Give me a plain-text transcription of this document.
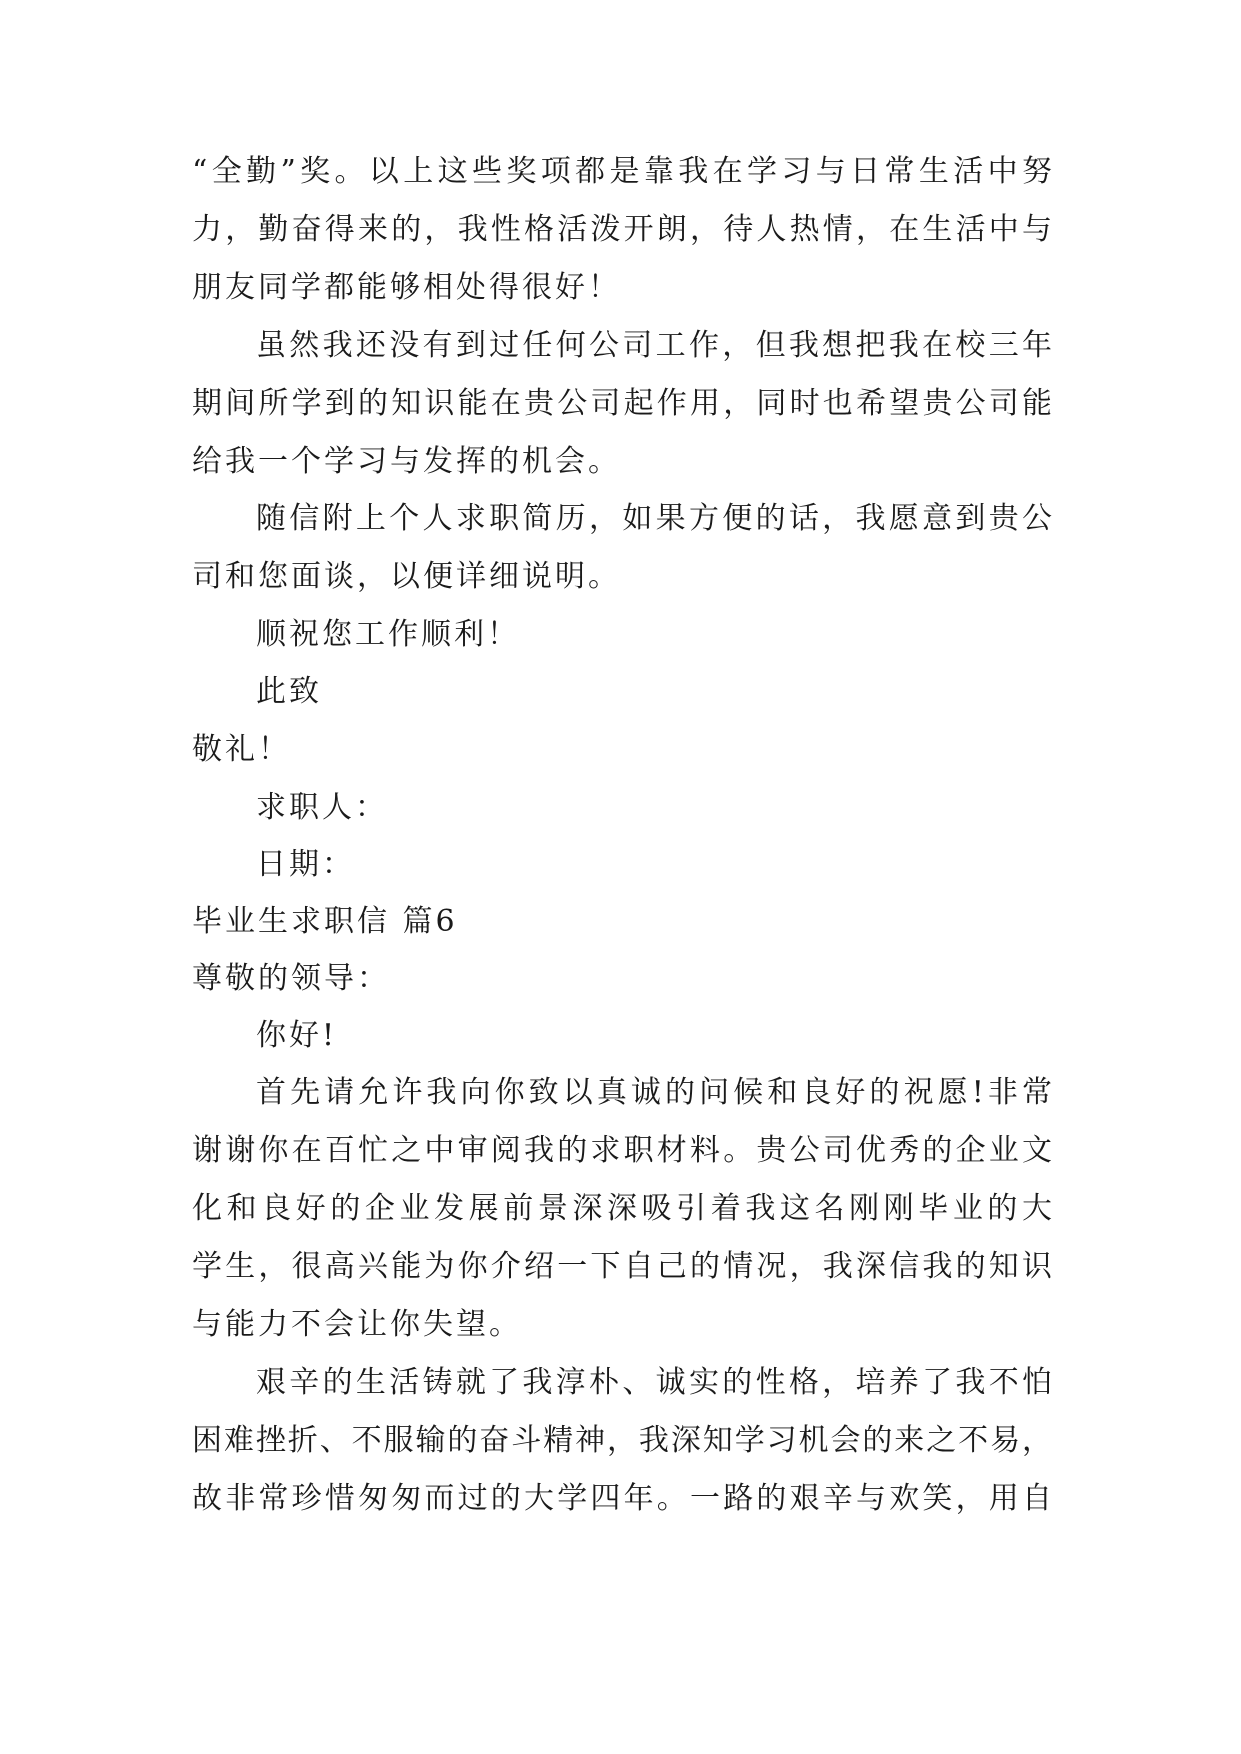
“全勤”奖。以上这些奖项都是靠我在学习与日常生活中努
力，勤奋得来的，我性格活泼开朗，待人热情，在生活中与
朋友同学都能够相处得很好！
虽然我还没有到过任何公司工作，但我想把我在校三年
期间所学到的知识能在贵公司起作用，同时也希望贵公司能
给我一个学习与发挥的机会。
随信附上个人求职简历，如果方便的话，我愿意到贵公
司和您面谈，以便详细说明。
顺祝您工作顺利！
此致
敬礼！
求职人：
日期：
毕业生求职信 篇6
尊敬的领导：
你好!
首先请允许我向你致以真诚的问候和良好的祝愿!非常
谢谢你在百忙之中审阅我的求职材料。贵公司优秀的企业文
化和良好的企业发展前景深深吸引着我这名刚刚毕业的大
学生，很高兴能为你介绍一下自己的情况，我深信我的知识
与能力不会让你失望。
艰辛的生活铸就了我淳朴、诚实的性格，培养了我不怕
困难挫折、不服输的奋斗精神，我深知学习机会的来之不易，
故非常珍惜匆匆而过的大学四年。一路的艰辛与欢笑，用自
